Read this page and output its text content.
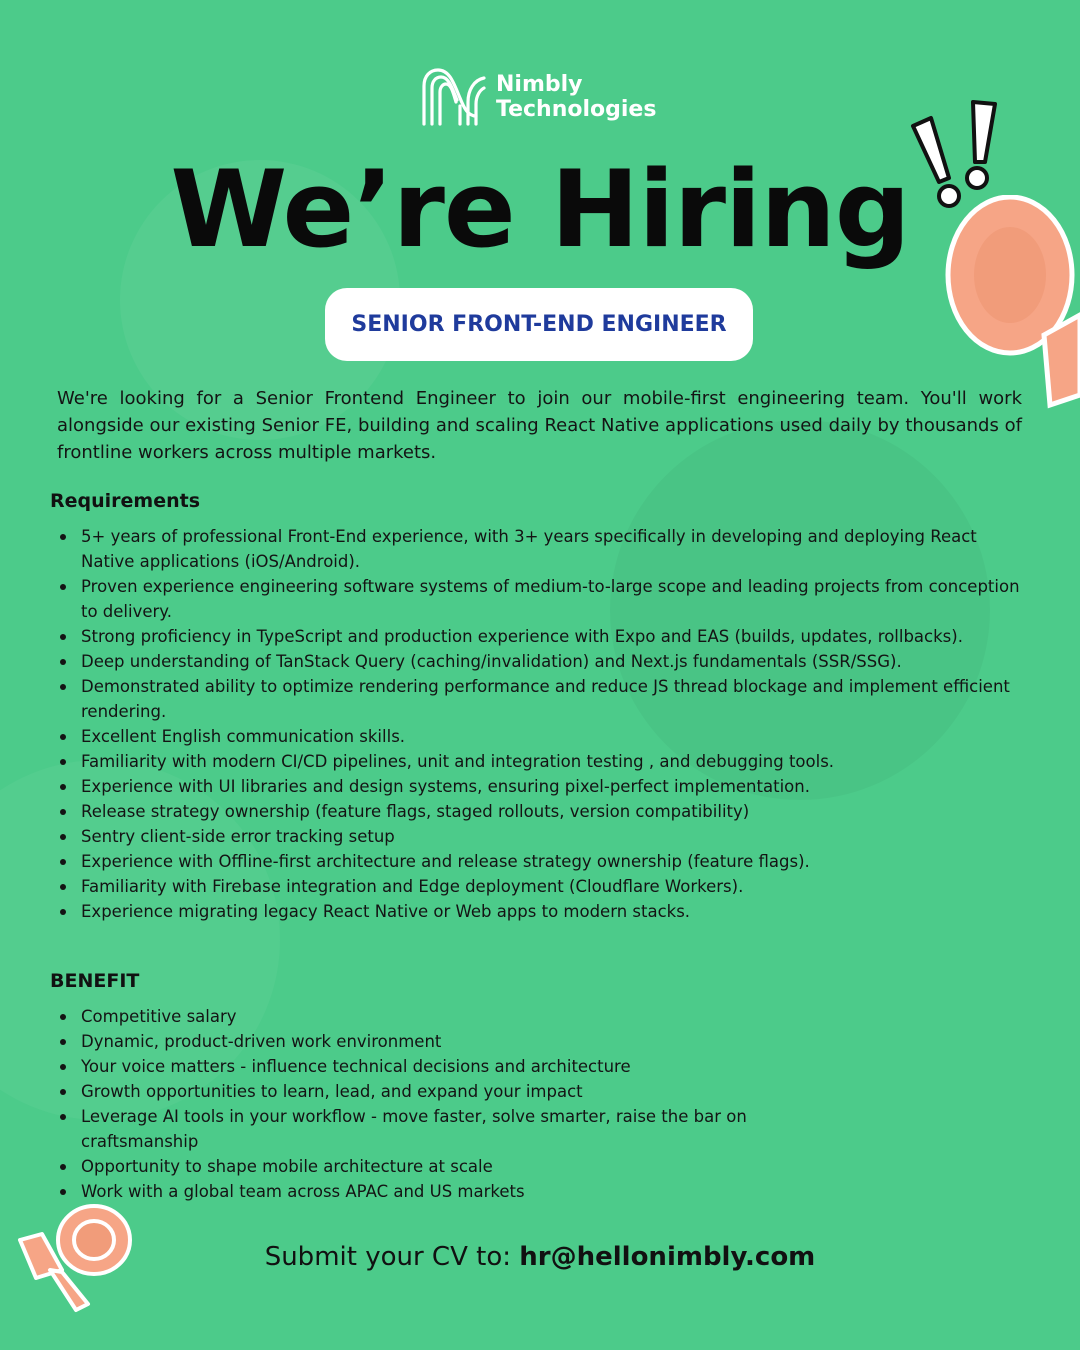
Nimbly
Technologies
We’re Hiring
SENIOR FRONT-END ENGINEER
We're looking for a Senior Frontend Engineer to join our mobile-first engineering team. You'll work alongside our existing Senior FE, building and scaling React Native applications used daily by thousands of frontline workers across multiple markets.
Requirements
5+ years of professional Front-End experience, with 3+ years specifically in developing and deploying React Native applications (iOS/Android).
Proven experience engineering software systems of medium-to-large scope and leading projects from conception to delivery.
Strong proficiency in TypeScript and production experience with Expo and EAS (builds, updates, rollbacks).
Deep understanding of TanStack Query (caching/invalidation) and Next.js fundamentals (SSR/SSG).
Demonstrated ability to optimize rendering performance and reduce JS thread blockage and implement efficient rendering.
Excellent English communication skills.
Familiarity with modern CI/CD pipelines, unit and integration testing , and debugging tools.
Experience with UI libraries and design systems, ensuring pixel-perfect implementation.
Release strategy ownership (feature flags, staged rollouts, version compatibility)
Sentry client-side error tracking setup
Experience with Offline-first architecture and release strategy ownership (feature flags).
Familiarity with Firebase integration and Edge deployment (Cloudflare Workers).
Experience migrating legacy React Native or Web apps to modern stacks.
BENEFIT
Competitive salary
Dynamic, product-driven work environment
Your voice matters - influence technical decisions and architecture
Growth opportunities to learn, lead, and expand your impact
Leverage AI tools in your workflow - move faster, solve smarter, raise the bar on craftsmanship
Opportunity to shape mobile architecture at scale
Work with a global team across APAC and US markets
Submit your CV to: hr@hellonimbly.com
